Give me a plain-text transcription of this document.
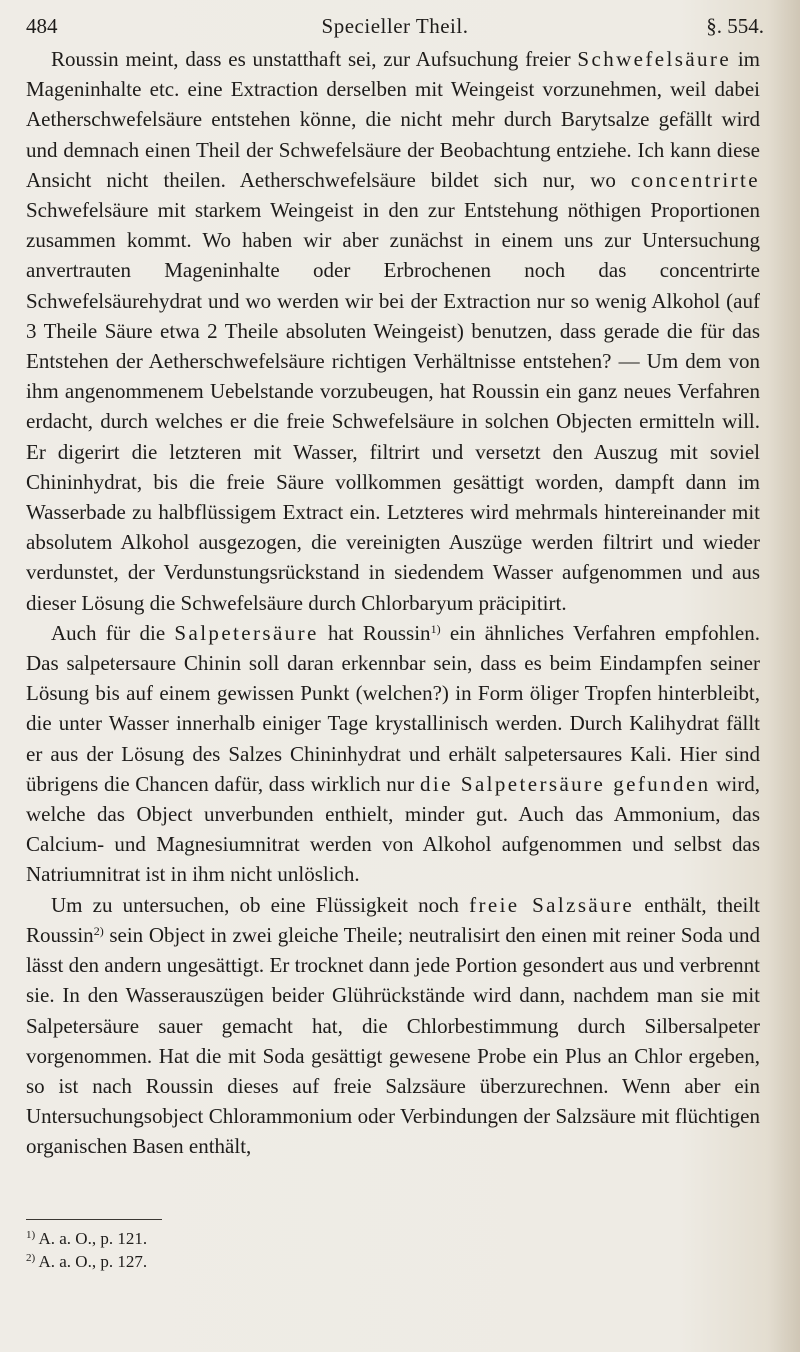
484	Specieller Theil.	§. 554.

Roussin meint, dass es unstatthaft sei, zur Aufsuchung freier Schwefelsäure im Mageninhalte etc. eine Extraction derselben mit Weingeist vorzunehmen, weil dabei Aetherschwefelsäure entstehen könne, die nicht mehr durch Barytsalze gefällt wird und demnach einen Theil der Schwefelsäure der Beobachtung entziehe. Ich kann diese Ansicht nicht theilen. Aetherschwefelsäure bildet sich nur, wo concentrirte Schwefelsäure mit starkem Weingeist in den zur Entstehung nöthigen Proportionen zusammen kommt. Wo haben wir aber zunächst in einem uns zur Untersuchung anvertrauten Mageninhalte oder Erbrochenen noch das concentrirte Schwefelsäurehydrat und wo werden wir bei der Extraction nur so wenig Alkohol (auf 3 Theile Säure etwa 2 Theile absoluten Weingeist) benutzen, dass gerade die für das Entstehen der Aetherschwefelsäure richtigen Verhältnisse entstehen? — Um dem von ihm angenommenem Uebelstande vorzubeugen, hat Roussin ein ganz neues Verfahren erdacht, durch welches er die freie Schwefelsäure in solchen Objecten ermitteln will. Er digerirt die letzteren mit Wasser, filtrirt und versetzt den Auszug mit soviel Chininhydrat, bis die freie Säure vollkommen gesättigt worden, dampft dann im Wasserbade zu halbflüssigem Extract ein. Letzteres wird mehrmals hintereinander mit absolutem Alkohol ausgezogen, die vereinigten Auszüge werden filtrirt und wieder verdunstet, der Verdunstungsrückstand in siedendem Wasser aufgenommen und aus dieser Lösung die Schwefelsäure durch Chlorbaryum präcipitirt.

Auch für die Salpetersäure hat Roussin$^{1)}$ ein ähnliches Verfahren empfohlen. Das salpetersaure Chinin soll daran erkennbar sein, dass es beim Eindampfen seiner Lösung bis auf einem gewissen Punkt (welchen?) in Form öliger Tropfen hinterbleibt, die unter Wasser innerhalb einiger Tage krystallinisch werden. Durch Kalihydrat fällt er aus der Lösung des Salzes Chininhydrat und erhält salpetersaures Kali. Hier sind übrigens die Chancen dafür, dass wirklich nur die Salpetersäure gefunden wird, welche das Object unverbunden enthielt, minder gut. Auch das Ammonium, das Calcium- und Magnesiumnitrat werden von Alkohol aufgenommen und selbst das Natriumnitrat ist in ihm nicht unlöslich.

Um zu untersuchen, ob eine Flüssigkeit noch freie Salzsäure enthält, theilt Roussin$^{2)}$ sein Object in zwei gleiche Theile; neutralisirt den einen mit reiner Soda und lässt den andern ungesättigt. Er trocknet dann jede Portion gesondert aus und verbrennt sie. In den Wasserauszügen beider Glührückstände wird dann, nachdem man sie mit Salpetersäure sauer gemacht hat, die Chlorbestimmung durch Silbersalpeter vorgenommen. Hat die mit Soda gesättigt gewesene Probe ein Plus an Chlor ergeben, so ist nach Roussin dieses auf freie Salzsäure überzurechnen. Wenn aber ein Untersuchungsobject Chlorammonium oder Verbindungen der Salzsäure mit flüchtigen organischen Basen enthält,

$^{1)}$ A. a. O., p. 121.
$^{2)}$ A. a. O., p. 127.
